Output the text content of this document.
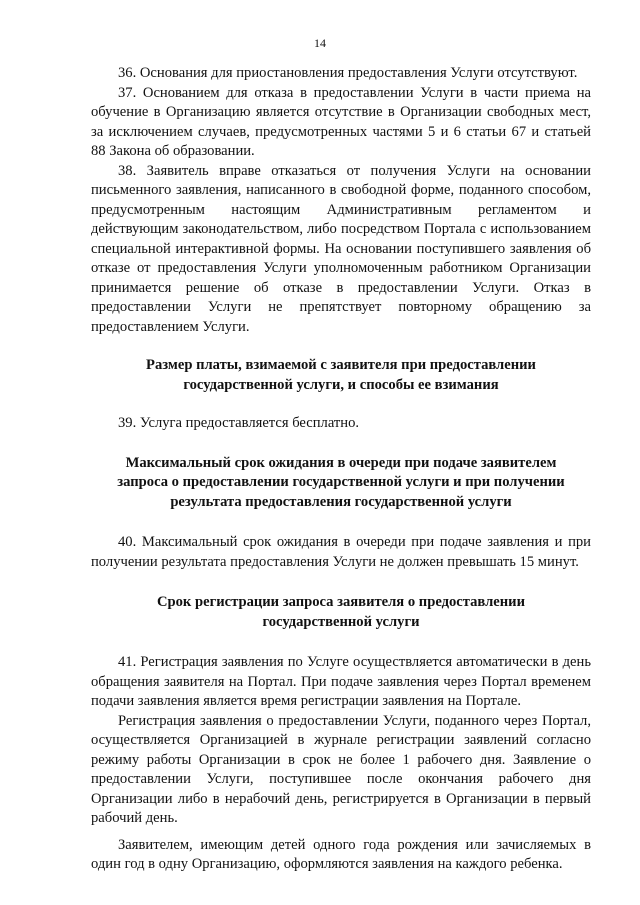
14

36. Основания для приостановления предоставления Услуги отсутствуют.

37. Основанием для отказа в предоставлении Услуги в части приема на обучение в Организацию является отсутствие в Организации свободных мест, за исключением случаев, предусмотренных частями 5 и 6 статьи 67 и статьей 88 Закона об образовании.

38. Заявитель вправе отказаться от получения Услуги на основании письменного заявления, написанного в свободной форме, поданного способом, предусмотренным настоящим Административным регламентом и действующим законодательством, либо посредством Портала с использованием специальной интерактивной формы. На основании поступившего заявления об отказе от предоставления Услуги уполномоченным работником Организации принимается решение об отказе в предоставлении Услуги. Отказ в предоставлении Услуги не препятствует повторному обращению за предоставлением Услуги.

Размер платы, взимаемой с заявителя при предоставлении государственной услуги, и способы ее взимания

39. Услуга предоставляется бесплатно.

Максимальный срок ожидания в очереди при подаче заявителем запроса о предоставлении государственной услуги и при получении результата предоставления государственной услуги

40. Максимальный срок ожидания в очереди при подаче заявления и при получении результата предоставления Услуги не должен превышать 15 минут.

Срок регистрации запроса заявителя о предоставлении государственной услуги

41. Регистрация заявления по Услуге осуществляется автоматически в день обращения заявителя на Портал. При подаче заявления через Портал временем подачи заявления является время регистрации заявления на Портале.

Регистрация заявления о предоставлении Услуги, поданного через Портал, осуществляется Организацией в журнале регистрации заявлений согласно режиму работы Организации в срок не более 1 рабочего дня. Заявление о предоставлении Услуги, поступившее после окончания рабочего дня Организации либо в нерабочий день, регистрируется в Организации в первый рабочий день.

Заявителем, имеющим детей одного года рождения или зачисляемых в один год в одну Организацию, оформляются заявления на каждого ребенка.
